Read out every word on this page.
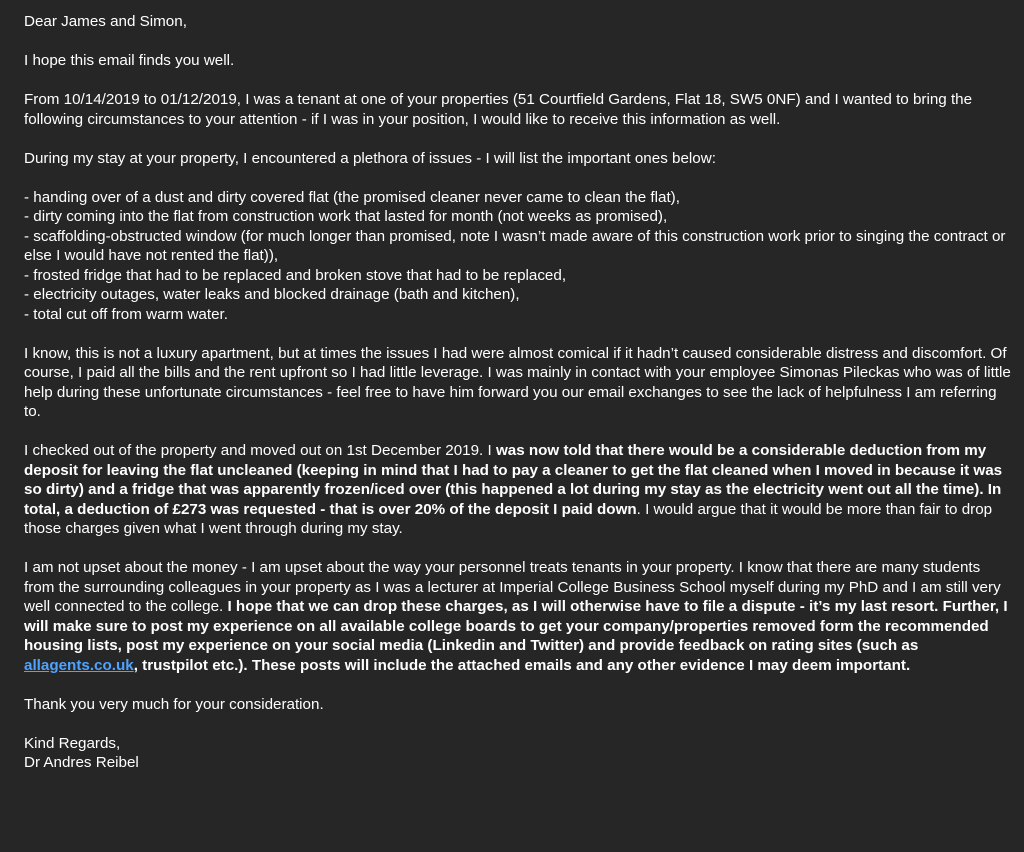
Dear James and Simon,

I hope this email finds you well.

From 10/14/2019 to 01/12/2019, I was a tenant at one of your properties (51 Courtfield Gardens, Flat 18, SW5 0NF) and I wanted to bring the following circumstances to your attention - if I was in your position, I would like to receive this information as well.

During my stay at your property, I encountered a plethora of issues - I will list the important ones below:

- handing over of a dust and dirty covered flat (the promised cleaner never came to clean the flat),
- dirty coming into the flat from construction work that lasted for month (not weeks as promised),
- scaffolding-obstructed window (for much longer than promised, note I wasn’t made aware of this construction work prior to singing the contract or else I would have not rented the flat)),
- frosted fridge that had to be replaced and broken stove that had to be replaced,
- electricity outages, water leaks and blocked drainage (bath and kitchen),
- total cut off from warm water.

I know, this is not a luxury apartment, but at times the issues I had were almost comical if it hadn’t caused considerable distress and discomfort. Of course, I paid all the bills and the rent upfront so I had little leverage. I was mainly in contact with your employee Simonas Pileckas who was of little help during these unfortunate circumstances - feel free to have him forward you our email exchanges to see the lack of helpfulness I am referring to.

I checked out of the property and moved out on 1st December 2019. I was now told that there would be a considerable deduction from my deposit for leaving the flat uncleaned (keeping in mind that I had to pay a cleaner to get the flat cleaned when I moved in because it was so dirty) and a fridge that was apparently frozen/iced over (this happened a lot during my stay as the electricity went out all the time). In total, a deduction of £273 was requested - that is over 20% of the deposit I paid down. I would argue that it would be more than fair to drop those charges given what I went through during my stay.

I am not upset about the money - I am upset about the way your personnel treats tenants in your property. I know that there are many students from the surrounding colleagues in your property as I was a lecturer at Imperial College Business School myself during my PhD and I am still very well connected to the college. I hope that we can drop these charges, as I will otherwise have to file a dispute - it’s my last resort. Further, I will make sure to post my experience on all available college boards to get your company/properties removed form the recommended housing lists, post my experience on your social media (Linkedin and Twitter) and provide feedback on rating sites (such as allagents.co.uk, trustpilot etc.). These posts will include the attached emails and any other evidence I may deem important.

Thank you very much for your consideration.

Kind Regards,
Dr Andres Reibel
